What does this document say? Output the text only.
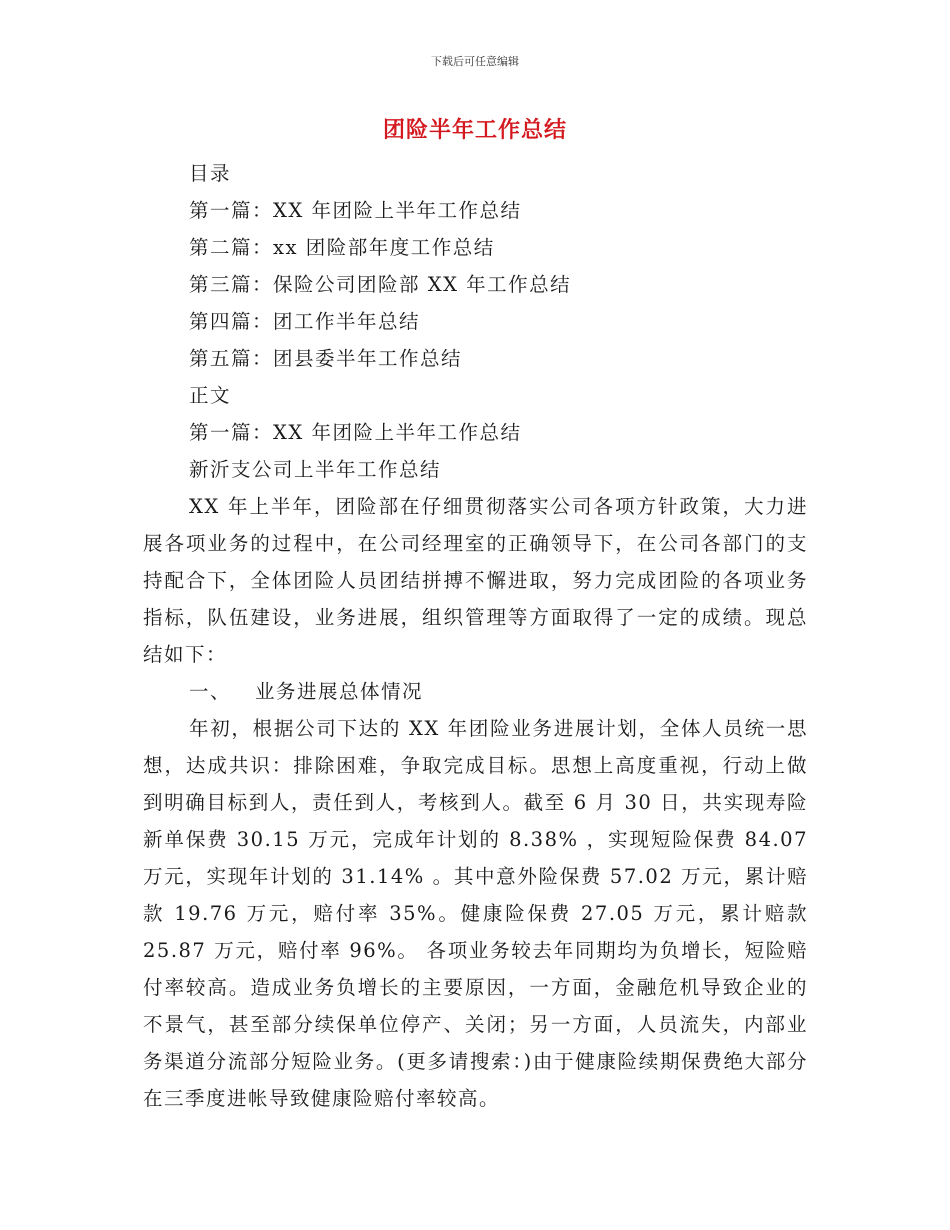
下载后可任意编辑
团险半年工作总结
目录
第一篇：XX 年团险上半年工作总结
第二篇：xx 团险部年度工作总结
第三篇：保险公司团险部 XX 年工作总结
第四篇：团工作半年总结
第五篇：团县委半年工作总结
正文
第一篇：XX 年团险上半年工作总结
新沂支公司上半年工作总结

XX 年上半年，团险部在仔细贯彻落实公司各项方针政策，大力进展各项业务的过程中，在公司经理室的正确领导下，在公司各部门的支持配合下，全体团险人员团结拼搏不懈进取，努力完成团险的各项业务指标，队伍建设，业务进展，组织管理等方面取得了一定的成绩。现总结如下：

一、 业务进展总体情况

年初，根据公司下达的 XX 年团险业务进展计划，全体人员统一思想，达成共识：排除困难，争取完成目标。思想上高度重视，行动上做到明确目标到人，责任到人，考核到人。截至 6 月 30 日，共实现寿险新单保费 30.15 万元，完成年计划的 8.38% ，实现短险保费 84.07 万元，实现年计划的 31.14% 。其中意外险保费 57.02 万元，累计赔款 19.76 万元，赔付率 35%。健康险保费 27.05 万元，累计赔款 25.87 万元，赔付率 96%。 各项业务较去年同期均为负增长，短险赔付率较高。造成业务负增长的主要原因，一方面，金融危机导致企业的不景气，甚至部分续保单位停产、关闭；另一方面，人员流失，内部业务渠道分流部分短险业务。(更多请搜索：)由于健康险续期保费绝大部分在三季度进帐导致健康险赔付率较高。
